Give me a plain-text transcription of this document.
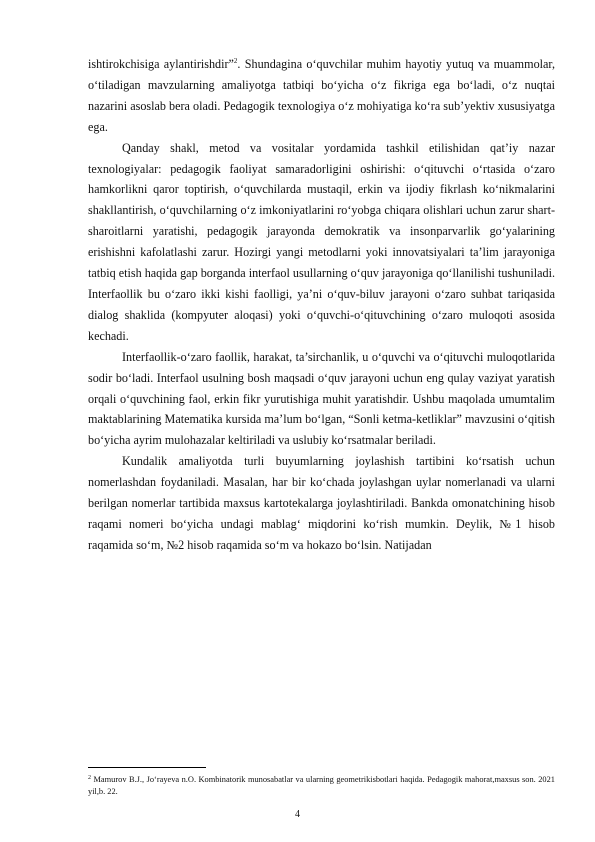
ishtirokchisiga aylantirishdir”$^2$. Shundagina o‘quvchilar muhim hayotiy yutuq va muammolar, o‘tiladigan mavzularning amaliyotga tatbiqi bo‘yicha o‘z fikriga ega bo‘ladi, o‘z nuqtai nazarini asoslab bera oladi. Pedagogik texnologiya o‘z mohiyatiga ko‘ra sub’yektiv xususiyatga ega.

Qanday shakl, metod va vositalar yordamida tashkil etilishidan qat’iy nazar texnologiyalar: pedagogik faoliyat samaradorligini oshirishi: o‘qituvchi o‘rtasida o‘zaro hamkorlikni qaror toptirish, o‘quvchilarda mustaqil, erkin va ijodiy fikrlash ko‘nikmalarini shakllantirish, o‘quvchilarning o‘z imkoniyatlarini ro‘yobga chiqara olishlari uchun zarur shart-sharoitlarni yaratishi, pedagogik jarayonda demokratik va insonparvarlik go‘yalarining erishishni kafolatlashi zarur. Hozirgi yangi metodlarni yoki innovatsiyalari ta’lim jarayoniga tatbiq etish haqida gap borganda interfaol usullarning o‘quv jarayoniga qo‘llanilishi tushuniladi. Interfaollik bu o‘zaro ikki kishi faolligi, ya’ni o‘quv-biluv jarayoni o‘zaro suhbat tariqasida dialog shaklida (kompyuter aloqasi) yoki o‘quvchi-o‘qituvchining o‘zaro muloqoti asosida kechadi.

Interfaollik-o‘zaro faollik, harakat, ta’sirchanlik, u o‘quvchi va o‘qituvchi muloqotlarida sodir bo‘ladi. Interfaol usulning bosh maqsadi o‘quv jarayoni uchun eng qulay vaziyat yaratish orqali o‘quvchining faol, erkin fikr yurutishiga muhit yaratishdir. Ushbu maqolada umumtalim maktablarining Matematika kursida ma’lum bo‘lgan, “Sonli ketma-ketliklar” mavzusini o‘qitish bo‘yicha ayrim mulohazalar keltiriladi va uslubiy ko‘rsatmalar beriladi.

Kundalik amaliyotda turli buyumlarning joylashish tartibini ko‘rsatish uchun nomerlashdan foydaniladi. Masalan, har bir ko‘chada joylashgan uylar nomerlanadi va ularni berilgan nomerlar tartibida maxsus kartotekalarga joylashtiriladi. Bankda omonatchining hisob raqami nomeri bo‘yicha undagi mablag‘ miqdorini ko‘rish mumkin. Deylik, №1 hisob raqamida so‘m, №2 hisob raqamida so‘m va hokazo bo‘lsin. Natijadan

$^2$ Mamurov B.J., Jo‘rayeva n.O. Kombinatorik munosabatlar va ularning geometrikisbotlari haqida. Pedagogik mahorat,maxsus son. 2021 yil,b. 22.

4
